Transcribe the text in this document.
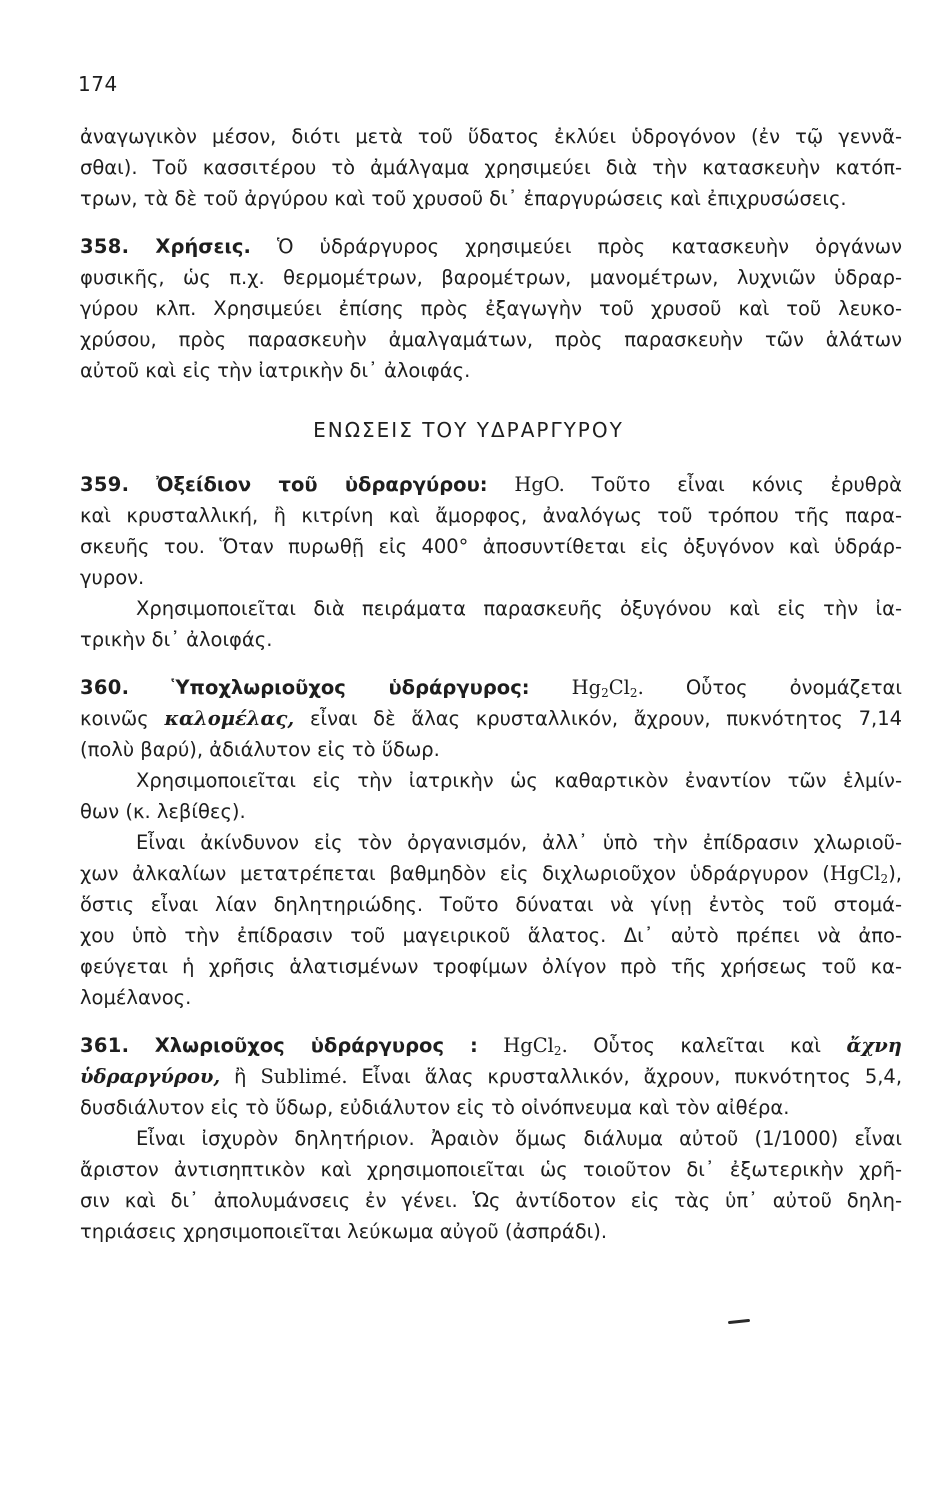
174
ἀναγωγικὸν μέσον, διότι μετὰ τοῦ ὕδατος ἐκλύει ὑδρογόνον (ἐν τῷ γεννᾶ-
σθαι). Τοῦ κασσιτέρου τὸ ἀμάλγαμα χρησιμεύει διὰ τὴν κατασκευὴν κατόπ-
τρων, τὰ δὲ τοῦ ἀργύρου καὶ τοῦ χρυσοῦ δι᾽ ἐπαργυρώσεις καὶ ἐπιχρυσώσεις.
358. Χρήσεις. Ὁ ὑδράργυρος χρησιμεύει πρὸς κατασκευὴν ὀργάνων
φυσικῆς, ὡς π.χ. θερμομέτρων, βαρομέτρων, μανομέτρων, λυχνιῶν ὑδραρ-
γύρου κλπ. Χρησιμεύει ἐπίσης πρὸς ἐξαγωγὴν τοῦ χρυσοῦ καὶ τοῦ λευκο-
χρύσου, πρὸς παρασκευὴν ἀμαλγαμάτων, πρὸς παρασκευὴν τῶν ἁλάτων
αὐτοῦ καὶ εἰς τὴν ἰατρικὴν δι᾽ ἀλοιφάς.
ΕΝΩΣΕΙΣ ΤΟΥ ΥΔΡΑΡΓΥΡΟΥ
359. Ὀξείδιον τοῦ ὑδραργύρου: HgO. Τοῦτο εἶναι κόνις ἐρυθρὰ
καὶ κρυσταλλική, ἢ κιτρίνη καὶ ἄμορφος, ἀναλόγως τοῦ τρόπου τῆς παρα-
σκευῆς του. Ὅταν πυρωθῇ εἰς 400° ἀποσυντίθεται εἰς ὀξυγόνον καὶ ὑδράρ-
γυρον.
Χρησιμοποιεῖται διὰ πειράματα παρασκευῆς ὀξυγόνου καὶ εἰς τὴν ἰα-
τρικὴν δι᾽ ἀλοιφάς.
360. Ὑποχλωριοῦχος ὑδράργυρος: $Hg_2Cl_2$. Οὗτος ὀνομάζεται
κοινῶς καλομέλας, εἶναι δὲ ἅλας κρυσταλλικόν, ἄχρουν, πυκνότητος 7,14
(πολὺ βαρύ), ἀδιάλυτον εἰς τὸ ὕδωρ.
Χρησιμοποιεῖται εἰς τὴν ἰατρικὴν ὡς καθαρτικὸν ἐναντίον τῶν ἑλμίν-
θων (κ. λεβίθες).
Εἶναι ἀκίνδυνον εἰς τὸν ὀργανισμόν, ἀλλ᾽ ὑπὸ τὴν ἐπίδρασιν χλωριοῦ-
χων ἀλκαλίων μετατρέπεται βαθμηδὸν εἰς διχλωριοῦχον ὑδράργυρον (HgCl$_2$),
ὅστις εἶναι λίαν δηλητηριώδης. Τοῦτο δύναται νὰ γίνῃ ἐντὸς τοῦ στομά-
χου ὑπὸ τὴν ἐπίδρασιν τοῦ μαγειρικοῦ ἅλατος. Δι᾽ αὐτὸ πρέπει νὰ ἀπο-
φεύγεται ἡ χρῆσις ἁλατισμένων τροφίμων ὀλίγον πρὸ τῆς χρήσεως τοῦ κα-
λομέλανος.
361. Χλωριοῦχος ὑδράργυρος : HgCl$_2$. Οὗτος καλεῖται καὶ ἄχνη
ὑδραργύρου, ἢ Sublimé. Εἶναι ἅλας κρυσταλλικόν, ἄχρουν, πυκνότητος 5,4,
δυσδιάλυτον εἰς τὸ ὕδωρ, εὐδιάλυτον εἰς τὸ οἰνόπνευμα καὶ τὸν αἰθέρα.
Εἶναι ἰσχυρὸν δηλητήριον. Ἀραιὸν ὅμως διάλυμα αὐτοῦ (1/1000) εἶναι
ἄριστον ἀντισηπτικὸν καὶ χρησιμοποιεῖται ὡς τοιοῦτον δι᾽ ἐξωτερικὴν χρῆ-
σιν καὶ δι᾽ ἀπολυμάνσεις ἐν γένει. Ὡς ἀντίδοτον εἰς τὰς ὑπ᾽ αὐτοῦ δηλη-
τηριάσεις χρησιμοποιεῖται λεύκωμα αὐγοῦ (ἀσπράδι).
